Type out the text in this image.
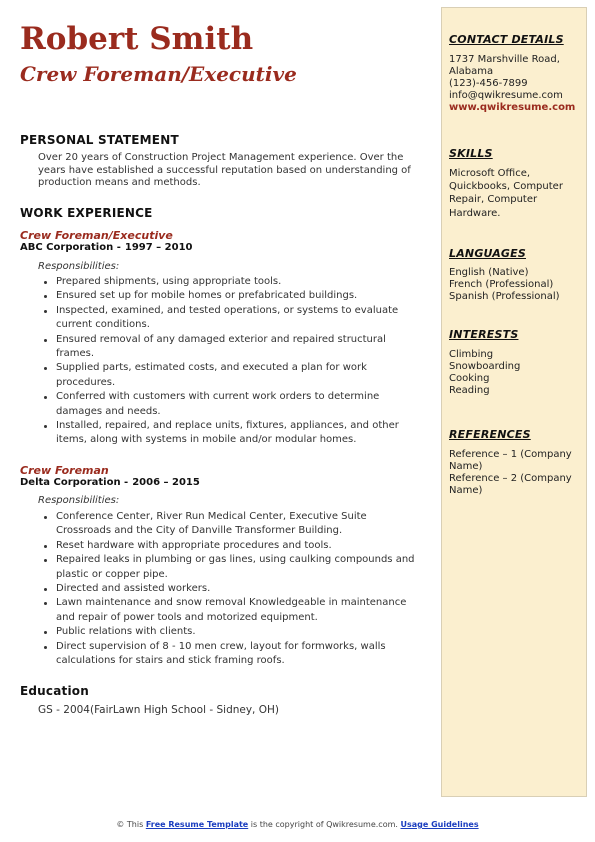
Robert Smith
Crew Foreman/Executive
PERSONAL STATEMENT
Over 20 years of Construction Project Management experience. Over the years have established a successful reputation based on understanding of production means and methods.
WORK EXPERIENCE
Crew Foreman/Executive
ABC Corporation - 1997 – 2010
Responsibilities:
Prepared shipments, using appropriate tools.
Ensured set up for mobile homes or prefabricated buildings.
Inspected, examined, and tested operations, or systems to evaluate current conditions.
Ensured removal of any damaged exterior and repaired structural frames.
Supplied parts, estimated costs, and executed a plan for work procedures.
Conferred with customers with current work orders to determine damages and needs.
Installed, repaired, and replace units, fixtures, appliances, and other items, along with systems in mobile and/or modular homes.
Crew Foreman
Delta Corporation - 2006 – 2015
Responsibilities:
Conference Center, River Run Medical Center, Executive Suite Crossroads and the City of Danville Transformer Building.
Reset hardware with appropriate procedures and tools.
Repaired leaks in plumbing or gas lines, using caulking compounds and plastic or copper pipe.
Directed and assisted workers.
Lawn maintenance and snow removal Knowledgeable in maintenance and repair of power tools and motorized equipment.
Public relations with clients.
Direct supervision of 8 - 10 men crew, layout for formworks, walls calculations for stairs and stick framing roofs.
Education
GS - 2004(FairLawn High School - Sidney, OH)
CONTACT DETAILS
1737 Marshville Road, Alabama
(123)-456-7899
info@qwikresume.com
www.qwikresume.com
SKILLS
Microsoft Office, Quickbooks, Computer Repair, Computer Hardware.
LANGUAGES
English (Native)
French (Professional)
Spanish (Professional)
INTERESTS
Climbing
Snowboarding
Cooking
Reading
REFERENCES
Reference – 1 (Company Name)
Reference – 2 (Company Name)
© This Free Resume Template is the copyright of Qwikresume.com. Usage Guidelines
